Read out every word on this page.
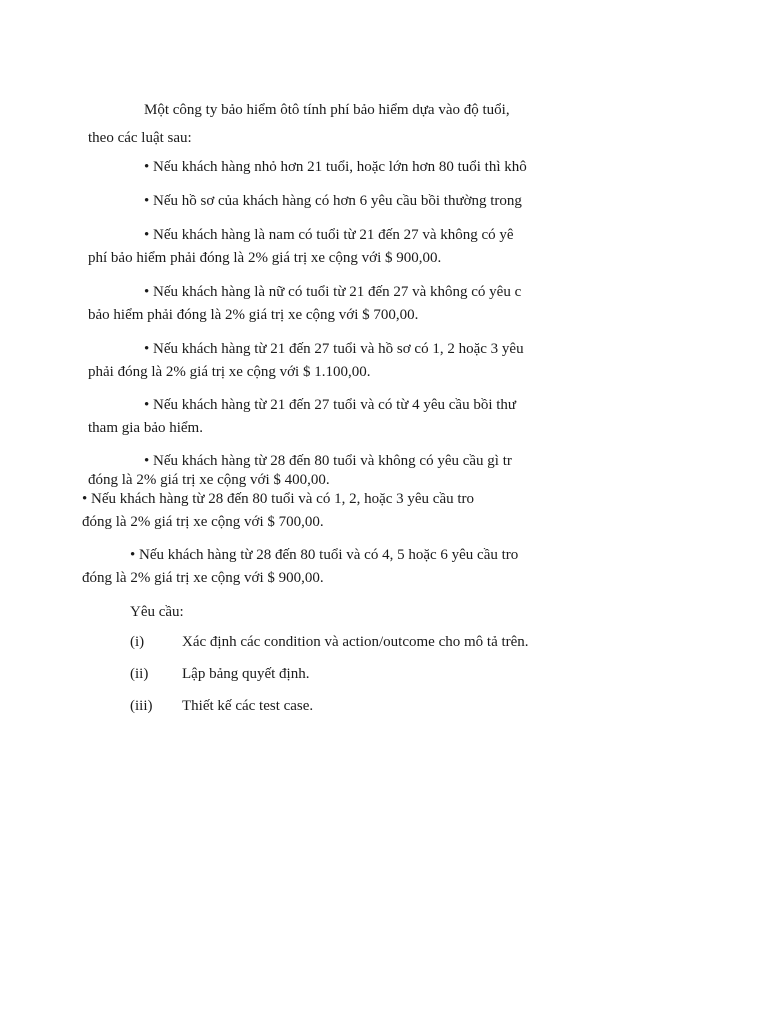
Một công ty bảo hiểm ôtô tính phí bảo hiểm dựa vào độ tuổi,
theo các luật sau:
• Nếu khách hàng nhỏ hơn 21 tuổi, hoặc lớn hơn 80 tuổi thì khô
• Nếu hồ sơ của khách hàng có hơn 6 yêu cầu bồi thường trong
• Nếu khách hàng là nam có tuổi từ 21 đến 27 và không có yê
phí bảo hiểm phải đóng là 2% giá trị xe cộng với $ 900,00.
• Nếu khách hàng là nữ có tuổi từ 21 đến 27 và không có yêu c
bảo hiểm phải đóng là 2% giá trị xe cộng với $ 700,00.
• Nếu khách hàng từ 21 đến 27 tuổi và hồ sơ có 1, 2 hoặc 3 yêu
phải đóng là 2% giá trị xe cộng với $ 1.100,00.
• Nếu khách hàng từ 21 đến 27 tuổi và có từ 4 yêu cầu bồi thư
tham gia bảo hiểm.
• Nếu khách hàng từ 28 đến 80 tuổi và không có yêu cầu gì tr
đóng là 2% giá trị xe cộng với $ 400,00.
• Nếu khách hàng từ 28 đến 80 tuổi và có 1, 2, hoặc 3 yêu cầu tro
đóng là 2% giá trị xe cộng với $ 700,00.
• Nếu khách hàng từ 28 đến 80 tuổi và có 4, 5 hoặc 6 yêu cầu tro
đóng là 2% giá trị xe cộng với $ 900,00.
Yêu cầu:
(i)	Xác định các condition và action/outcome cho mô tả trên.
(ii) Lập bảng quyết định.
(iii) Thiết kế các test case.
